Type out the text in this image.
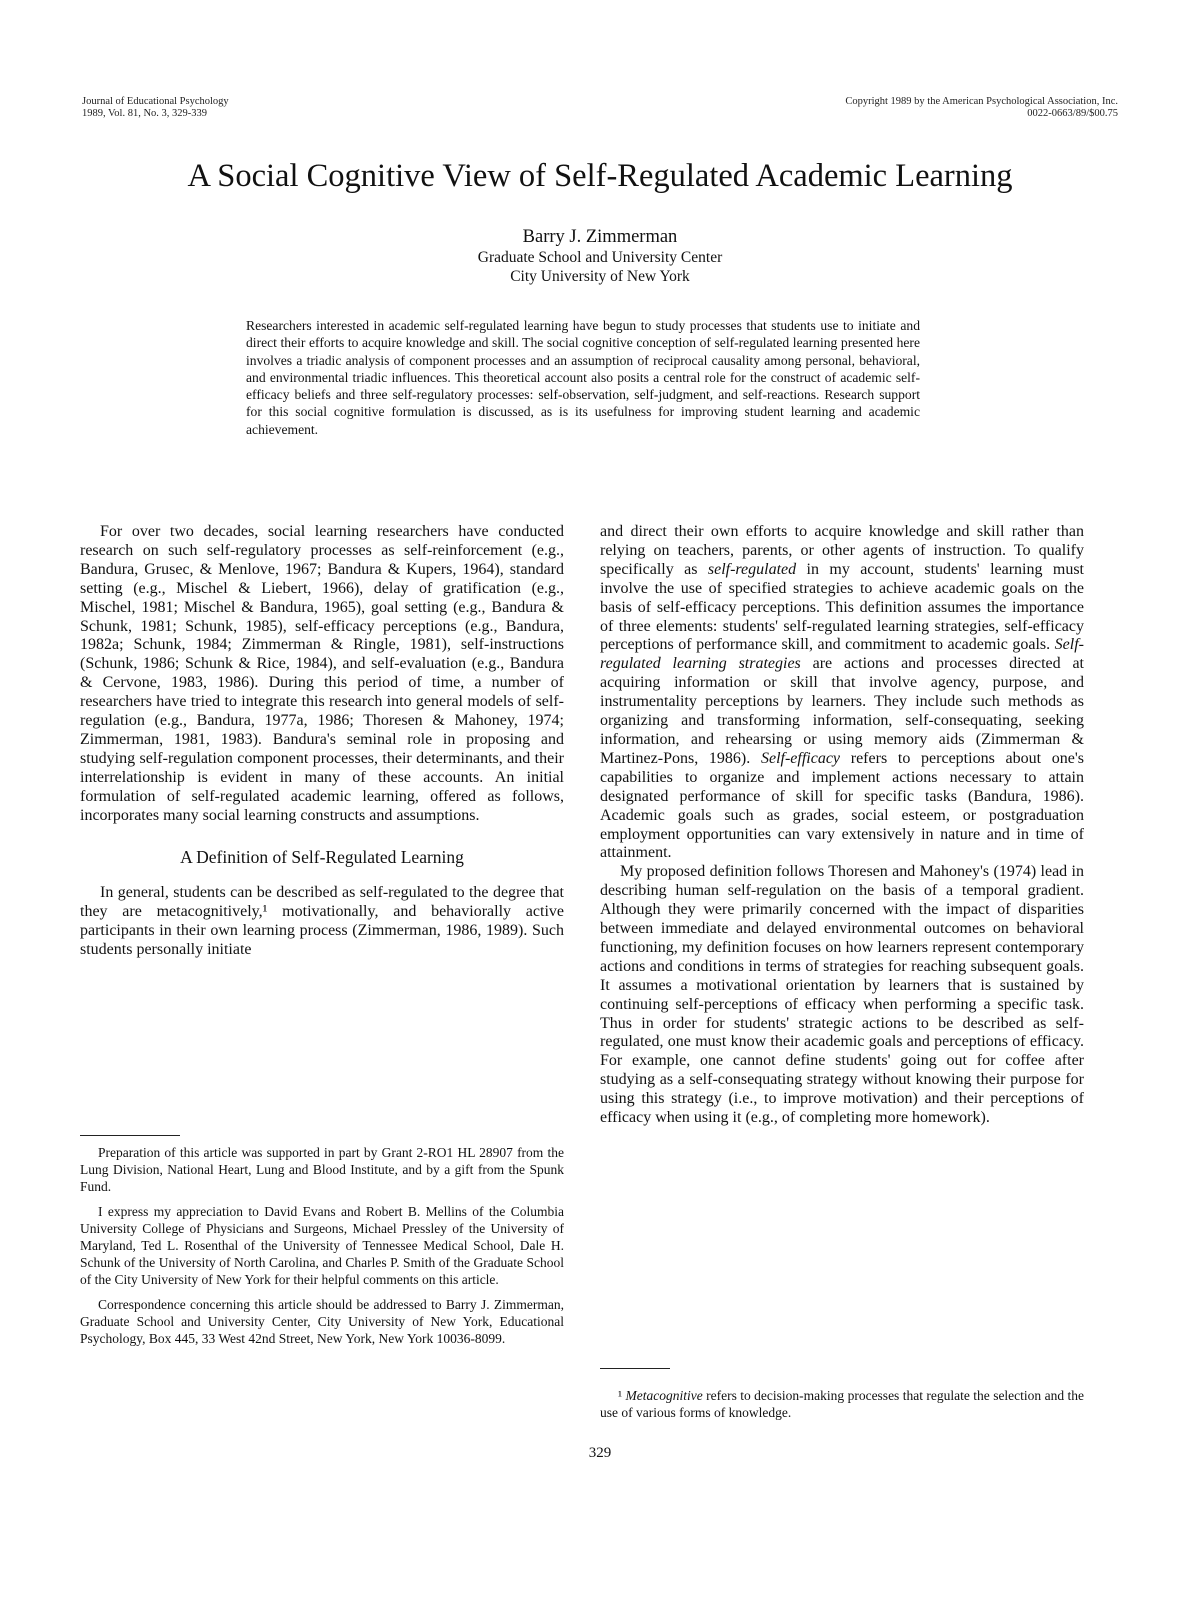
Journal of Educational Psychology
1989, Vol. 81, No. 3, 329-339
Copyright 1989 by the American Psychological Association, Inc.
0022-0663/89/$00.75
A Social Cognitive View of Self-Regulated Academic Learning
Barry J. Zimmerman
Graduate School and University Center
City University of New York
Researchers interested in academic self-regulated learning have begun to study processes that students use to initiate and direct their efforts to acquire knowledge and skill. The social cognitive conception of self-regulated learning presented here involves a triadic analysis of component processes and an assumption of reciprocal causality among personal, behavioral, and environmental triadic influences. This theoretical account also posits a central role for the construct of academic self-efficacy beliefs and three self-regulatory processes: self-observation, self-judgment, and self-reactions. Research support for this social cognitive formulation is discussed, as is its usefulness for improving student learning and academic achievement.

For over two decades, social learning researchers have conducted research on such self-regulatory processes as self-reinforcement (e.g., Bandura, Grusec, & Menlove, 1967; Bandura & Kupers, 1964), standard setting (e.g., Mischel & Liebert, 1966), delay of gratification (e.g., Mischel, 1981; Mischel & Bandura, 1965), goal setting (e.g., Bandura & Schunk, 1981; Schunk, 1985), self-efficacy perceptions (e.g., Bandura, 1982a; Schunk, 1984; Zimmerman & Ringle, 1981), self-instructions (Schunk, 1986; Schunk & Rice, 1984), and self-evaluation (e.g., Bandura & Cervone, 1983, 1986). During this period of time, a number of researchers have tried to integrate this research into general models of self-regulation (e.g., Bandura, 1977a, 1986; Thoresen & Mahoney, 1974; Zimmerman, 1981, 1983). Bandura's seminal role in proposing and studying self-regulation component processes, their determinants, and their interrelationship is evident in many of these accounts. An initial formulation of self-regulated academic learning, offered as follows, incorporates many social learning constructs and assumptions.

A Definition of Self-Regulated Learning

In general, students can be described as self-regulated to the degree that they are metacognitively,¹ motivationally, and behaviorally active participants in their own learning process (Zimmerman, 1986, 1989). Such students personally initiate

and direct their own efforts to acquire knowledge and skill rather than relying on teachers, parents, or other agents of instruction. To qualify specifically as self-regulated in my account, students' learning must involve the use of specified strategies to achieve academic goals on the basis of self-efficacy perceptions. This definition assumes the importance of three elements: students' self-regulated learning strategies, self-efficacy perceptions of performance skill, and commitment to academic goals. Self-regulated learning strategies are actions and processes directed at acquiring information or skill that involve agency, purpose, and instrumentality perceptions by learners. They include such methods as organizing and transforming information, self-consequating, seeking information, and rehearsing or using memory aids (Zimmerman & Martinez-Pons, 1986). Self-efficacy refers to perceptions about one's capabilities to organize and implement actions necessary to attain designated performance of skill for specific tasks (Bandura, 1986). Academic goals such as grades, social esteem, or postgraduation employment opportunities can vary extensively in nature and in time of attainment.

My proposed definition follows Thoresen and Mahoney's (1974) lead in describing human self-regulation on the basis of a temporal gradient. Although they were primarily concerned with the impact of disparities between immediate and delayed environmental outcomes on behavioral functioning, my definition focuses on how learners represent contemporary actions and conditions in terms of strategies for reaching subsequent goals. It assumes a motivational orientation by learners that is sustained by continuing self-perceptions of efficacy when performing a specific task. Thus in order for students' strategic actions to be described as self-regulated, one must know their academic goals and perceptions of efficacy. For example, one cannot define students' going out for coffee after studying as a self-consequating strategy without knowing their purpose for using this strategy (i.e., to improve motivation) and their perceptions of efficacy when using it (e.g., of completing more homework).

Preparation of this article was supported in part by Grant 2-RO1 HL 28907 from the Lung Division, National Heart, Lung and Blood Institute, and by a gift from the Spunk Fund.

I express my appreciation to David Evans and Robert B. Mellins of the Columbia University College of Physicians and Surgeons, Michael Pressley of the University of Maryland, Ted L. Rosenthal of the University of Tennessee Medical School, Dale H. Schunk of the University of North Carolina, and Charles P. Smith of the Graduate School of the City University of New York for their helpful comments on this article.

Correspondence concerning this article should be addressed to Barry J. Zimmerman, Graduate School and University Center, City University of New York, Educational Psychology, Box 445, 33 West 42nd Street, New York, New York 10036-8099.

¹ Metacognitive refers to decision-making processes that regulate the selection and the use of various forms of knowledge.

329
